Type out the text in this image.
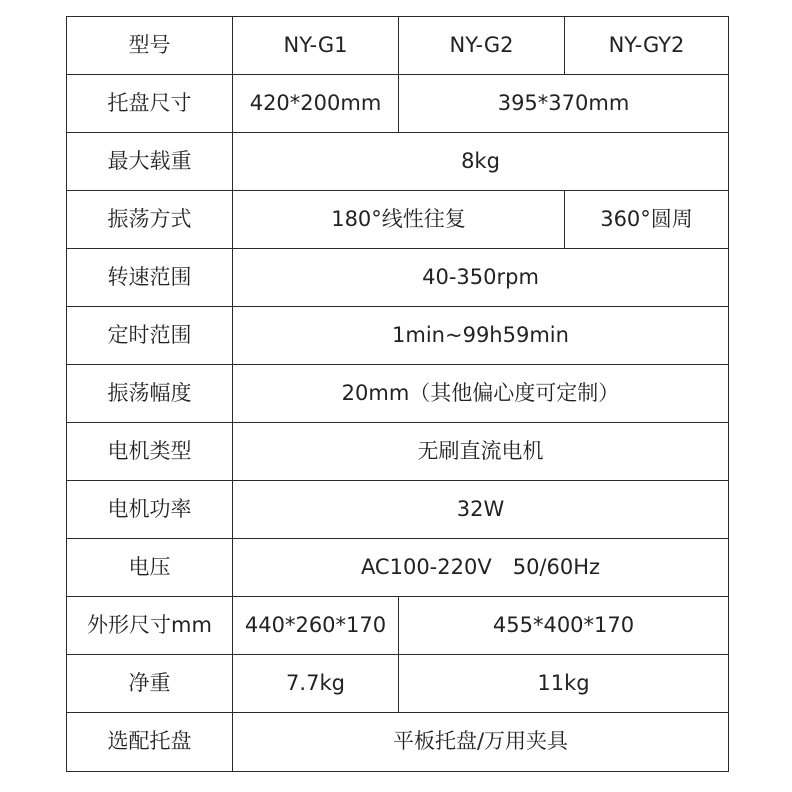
型号	NY-G1	NY-G2	NY-GY2
托盘尺寸	420*200mm	395*370mm	
最大载重	8kg		
振荡方式	180°线性往复		360°圆周
转速范围	40-350rpm		
定时范围	1min~99h59min		
振荡幅度	20mm（其他偏心度可定制）		
电机类型	无刷直流电机		
电机功率	32W		
电压	AC100-220V　50/60Hz		
外形尺寸mm	440*260*170	455*400*170	
净重	7.7kg	11kg	
选配托盘	平板托盘/万用夹具		
